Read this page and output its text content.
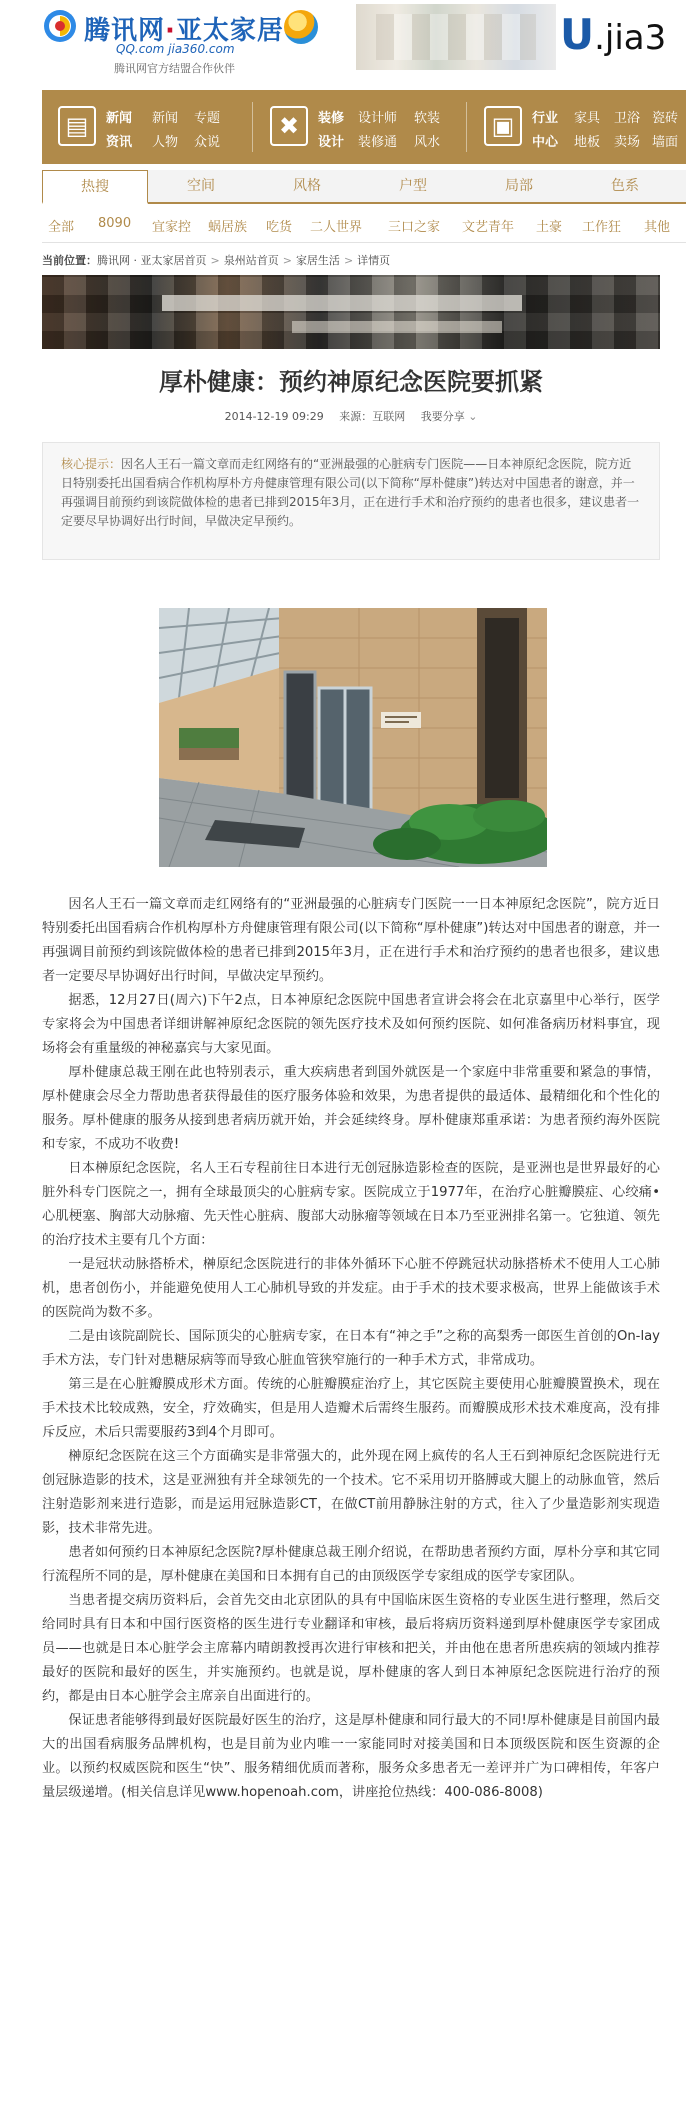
腾讯网·亚太家居
QQ.com jia360.com
腾讯网官方结盟合作伙伴
U.jia3
▤	新闻
资讯
新闻 专题
人物 众说
✖	装修
设计
设计师 软装
装修通 风水
▣	行业
中心
家具 卫浴 瓷砖
地板 卖场 墙面
热搜	空间	风格	户型	局部	色系
全部 8090 宜家控 蜗居族 吃货 二人世界 三口之家 文艺青年 土豪 工作狂 其他
当前位置：腾讯网 · 亚太家居首页 > 泉州站首页 > 家居生活 > 详情页
厚朴健康：预约神原纪念医院要抓紧
2014-12-19 09:29 来源：互联网 我要分享 ⌄
核心提示：因名人王石一篇文章而走红网络有的“亚洲最强的心脏病专门医院——日本神原纪念医院，院方近日特别委托出国看病合作机构厚朴方舟健康管理有限公司(以下简称“厚朴健康”)转达对中国患者的谢意，并一再强调目前预约到该院做体检的患者已排到2015年3月，正在进行手术和治疗预约的患者也很多，建议患者一定要尽早协调好出行时间，早做决定早预约。

因名人王石一篇文章而走红网络有的“亚洲最强的心脏病专门医院一一日本神原纪念医院”，院方近日特别委托出国看病合作机构厚朴方舟健康管理有限公司(以下简称“厚朴健康”)转达对中国患者的谢意，并一再强调目前预约到该院做体检的患者已排到2015年3月，正在进行手术和治疗预约的患者也很多，建议患者一定要尽早协调好出行时间，早做决定早预约。

据悉，12月27日(周六)下午2点，日本神原纪念医院中国患者宣讲会将会在北京嘉里中心举行，医学专家将会为中国患者详细讲解神原纪念医院的领先医疗技术及如何预约医院、如何准备病历材料事宜，现场将会有重量级的神秘嘉宾与大家见面。

厚朴健康总裁王刚在此也特别表示，重大疾病患者到国外就医是一个家庭中非常重要和紧急的事情，厚朴健康会尽全力帮助患者获得最佳的医疗服务体验和效果，为患者提供的最适体、最精细化和个性化的服务。厚朴健康的服务从接到患者病历就开始，并会延续终身。厚朴健康郑重承诺：为患者预约海外医院和专家，不成功不收费!

日本榊原纪念医院，名人王石专程前往日本进行无创冠脉造影检查的医院，是亚洲也是世界最好的心脏外科专门医院之一，拥有全球最顶尖的心脏病专家。医院成立于1977年，在治疗心脏瓣膜症、心绞痛•心肌梗塞、胸部大动脉瘤、先天性心脏病、腹部大动脉瘤等领域在日本乃至亚洲排名第一。它独道、领先的治疗技术主要有几个方面：

一是冠状动脉搭桥术，榊原纪念医院进行的非体外循环下心脏不停跳冠状动脉搭桥术不使用人工心肺机，患者创伤小，并能避免使用人工心肺机导致的并发症。由于手术的技术要求极高，世界上能做该手术的医院尚为数不多。

二是由该院副院长、国际顶尖的心脏病专家，在日本有“神之手”之称的高梨秀一郎医生首创的On-lay手术方法，专门针对患糖尿病等而导致心脏血管狭窄施行的一种手术方式，非常成功。

第三是在心脏瓣膜成形术方面。传统的心脏瓣膜症治疗上，其它医院主要使用心脏瓣膜置换术，现在手术技术比较成熟，安全，疗效确实，但是用人造瓣术后需终生服药。而瓣膜成形术技术难度高，没有排斥反应，术后只需要服药3到4个月即可。

榊原纪念医院在这三个方面确实是非常强大的，此外现在网上疯传的名人王石到神原纪念医院进行无创冠脉造影的技术，这是亚洲独有并全球领先的一个技术。它不采用切开胳膊或大腿上的动脉血管，然后注射造影剂来进行造影，而是运用冠脉造影CT，在做CT前用静脉注射的方式，往入了少量造影剂实现造影，技术非常先进。

患者如何预约日本神原纪念医院?厚朴健康总裁王刚介绍说，在帮助患者预约方面，厚朴分享和其它同行流程所不同的是，厚朴健康在美国和日本拥有自己的由顶级医学专家组成的医学专家团队。

当患者提交病历资料后，会首先交由北京团队的具有中国临床医生资格的专业医生进行整理，然后交给同时具有日本和中国行医资格的医生进行专业翻译和审核，最后将病历资料递到厚朴健康医学专家团成员——也就是日本心脏学会主席幕内晴朗教授再次进行审核和把关，并由他在患者所患疾病的领域内推荐最好的医院和最好的医生，并实施预约。也就是说，厚朴健康的客人到日本神原纪念医院进行治疗的预约，都是由日本心脏学会主席亲自出面进行的。

保证患者能够得到最好医院最好医生的治疗，这是厚朴健康和同行最大的不同!厚朴健康是目前国内最大的出国看病服务品牌机构，也是目前为业内唯一一家能同时对接美国和日本顶级医院和医生资源的企业。以预约权威医院和医生“快”、服务精细优质而著称，服务众多患者无一差评并广为口碑相传，年客户量层级递增。(相关信息详见www.hopenoah.com，讲座抢位热线：400-086-8008)
